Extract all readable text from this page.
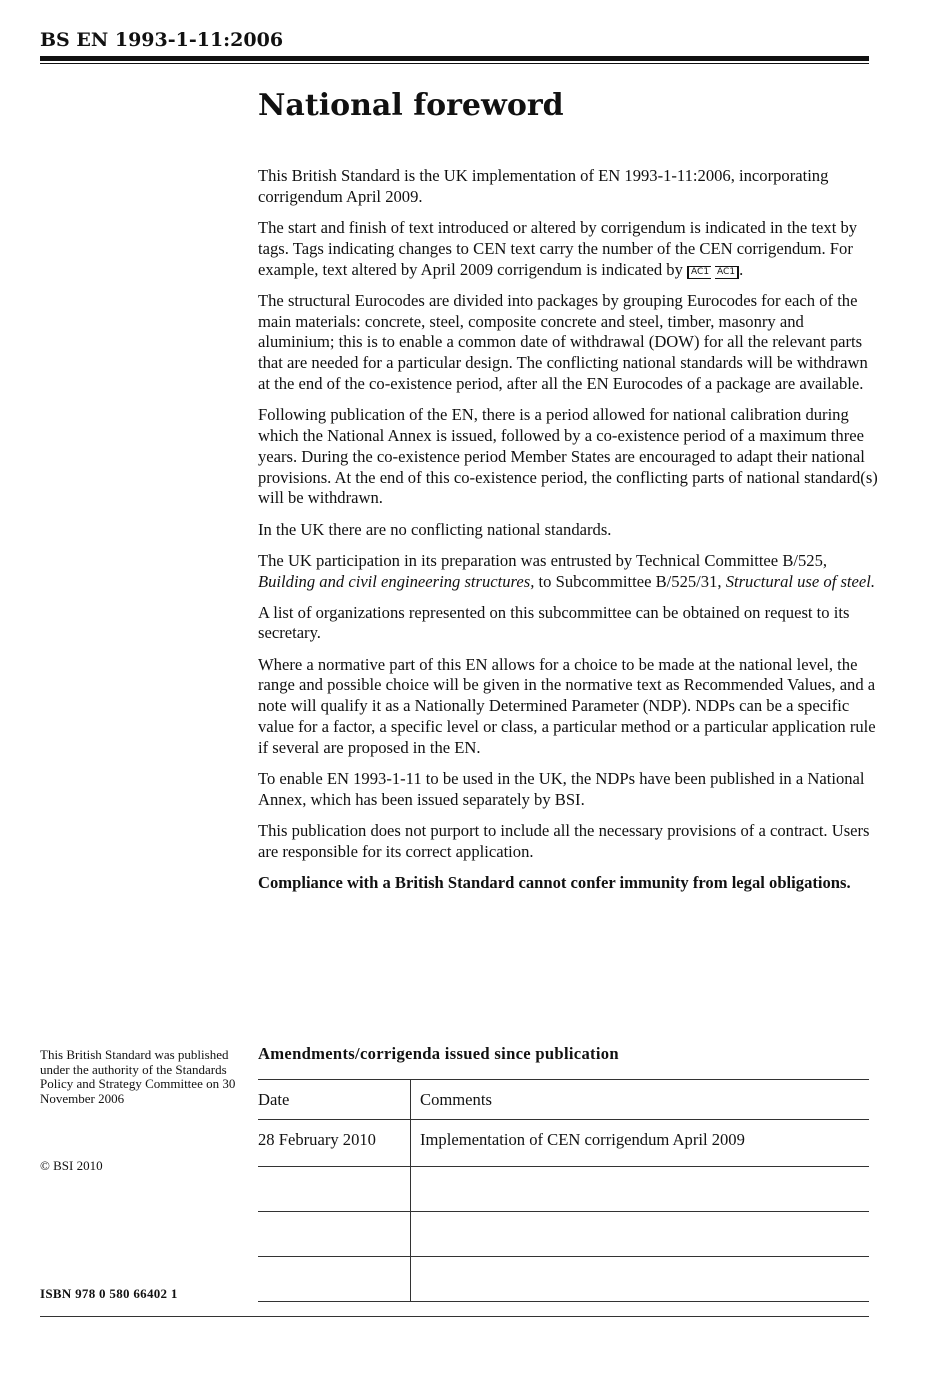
BS EN 1993-1-11:2006
National foreword

This British Standard is the UK implementation of EN 1993-1-11:2006, incorporating corrigendum April 2009.

The start and finish of text introduced or altered by corrigendum is indicated in the text by tags. Tags indicating changes to CEN text carry the number of the CEN corrigendum. For example, text altered by April 2009 corrigendum is indicated by AC1 AC1 .

The structural Eurocodes are divided into packages by grouping Eurocodes for each of the main materials: concrete, steel, composite concrete and steel, timber, masonry and aluminium; this is to enable a common date of withdrawal (DOW) for all the relevant parts that are needed for a particular design. The conflicting national standards will be withdrawn at the end of the co-existence period, after all the EN Eurocodes of a package are available.

Following publication of the EN, there is a period allowed for national calibration during which the National Annex is issued, followed by a co-existence period of a maximum three years. During the co-existence period Member States are encouraged to adapt their national provisions. At the end of this co-existence period, the conflicting parts of national standard(s) will be withdrawn.

In the UK there are no conflicting national standards.

The UK participation in its preparation was entrusted by Technical Committee B/525, Building and civil engineering structures, to Subcommittee B/525/31, Structural use of steel.

A list of organizations represented on this subcommittee can be obtained on request to its secretary.

Where a normative part of this EN allows for a choice to be made at the national level, the range and possible choice will be given in the normative text as Recommended Values, and a note will qualify it as a Nationally Determined Parameter (NDP). NDPs can be a specific value for a factor, a specific level or class, a particular method or a particular application rule if several are proposed in the EN.

To enable EN 1993-1-11 to be used in the UK, the NDPs have been published in a National Annex, which has been issued separately by BSI.

This publication does not purport to include all the necessary provisions of a contract. Users are responsible for its correct application.

Compliance with a British Standard cannot confer immunity from legal obligations.

This British Standard was published under the authority of the Standards Policy and Strategy Committee on 30 November 2006
© BSI 2010
ISBN 978 0 580 66402 1
Amendments/corrigenda issued since publication
Date	Comments
28 February 2010	Implementation of CEN corrigendum April 2009
